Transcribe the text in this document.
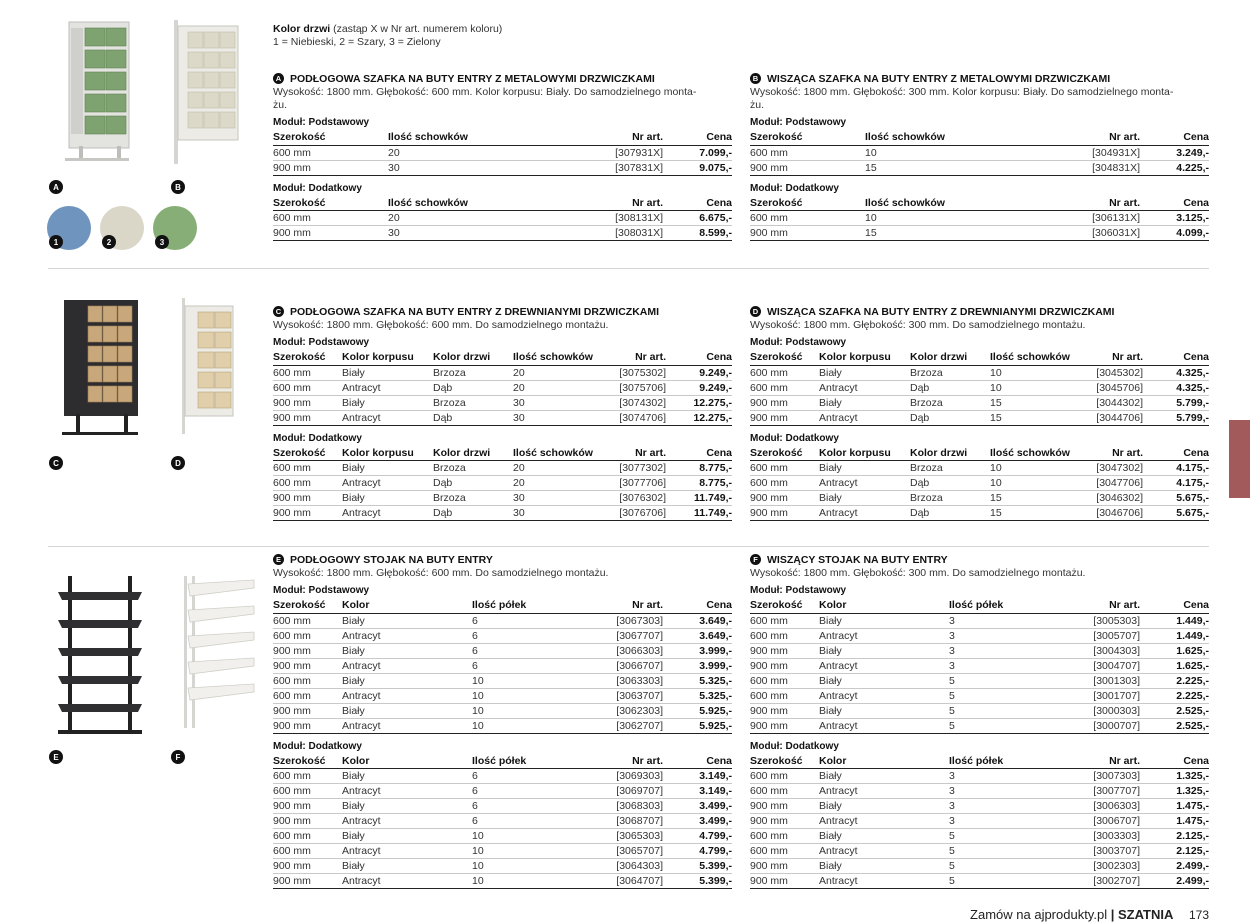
Kolor drzwi (zastąp X w Nr art. numerem koloru)
1 = Niebieski, 2 = Szary, 3 = Zielony
A	B
C	D
E	F
1	2	3
A PODŁOGOWA SZAFKA NA BUTY ENTRY Z METALOWYMI DRZWICZKAMI
Wysokość: 1800 mm. Głębokość: 600 mm. Kolor korpusu: Biały. Do samodzielnego monta-
żu.
Moduł: Podstawowy
Szerokość	Ilość schowków	Nr art.	Cena
600 mm	20	[307931X]	7.099,-
900 mm	30	[307831X]	9.075,-
Moduł: Dodatkowy
Szerokość	Ilość schowków	Nr art.	Cena
600 mm	20	[308131X]	6.675,-
900 mm	30	[308031X]	8.599,-
B WISZĄCA SZAFKA NA BUTY ENTRY Z METALOWYMI DRZWICZKAMI
Wysokość: 1800 mm. Głębokość: 300 mm. Kolor korpusu: Biały. Do samodzielnego monta-
żu.
Moduł: Podstawowy
Szerokość	Ilość schowków	Nr art.	Cena
600 mm	10	[304931X]	3.249,-
900 mm	15	[304831X]	4.225,-
Moduł: Dodatkowy
Szerokość	Ilość schowków	Nr art.	Cena
600 mm	10	[306131X]	3.125,-
900 mm	15	[306031X]	4.099,-
C PODŁOGOWA SZAFKA NA BUTY ENTRY Z DREWNIANYMI DRZWICZKAMI
Wysokość: 1800 mm. Głębokość: 600 mm. Do samodzielnego montażu.
Moduł: Podstawowy
Szerokość	Kolor korpusu	Kolor drzwi	Ilość schowków	Nr art.	Cena
600 mm	Biały	Brzoza	20	[3075302]	9.249,-
600 mm	Antracyt	Dąb	20	[3075706]	9.249,-
900 mm	Biały	Brzoza	30	[3074302]	12.275,-
900 mm	Antracyt	Dąb	30	[3074706]	12.275,-
Moduł: Dodatkowy
Szerokość	Kolor korpusu	Kolor drzwi	Ilość schowków	Nr art.	Cena
600 mm	Biały	Brzoza	20	[3077302]	8.775,-
600 mm	Antracyt	Dąb	20	[3077706]	8.775,-
900 mm	Biały	Brzoza	30	[3076302]	11.749,-
900 mm	Antracyt	Dąb	30	[3076706]	11.749,-
D WISZĄCA SZAFKA NA BUTY ENTRY Z DREWNIANYMI DRZWICZKAMI
Wysokość: 1800 mm. Głębokość: 300 mm. Do samodzielnego montażu.
Moduł: Podstawowy
Szerokość	Kolor korpusu	Kolor drzwi	Ilość schowków	Nr art.	Cena
600 mm	Biały	Brzoza	10	[3045302]	4.325,-
600 mm	Antracyt	Dąb	10	[3045706]	4.325,-
900 mm	Biały	Brzoza	15	[3044302]	5.799,-
900 mm	Antracyt	Dąb	15	[3044706]	5.799,-
Moduł: Dodatkowy
Szerokość	Kolor korpusu	Kolor drzwi	Ilość schowków	Nr art.	Cena
600 mm	Biały	Brzoza	10	[3047302]	4.175,-
600 mm	Antracyt	Dąb	10	[3047706]	4.175,-
900 mm	Biały	Brzoza	15	[3046302]	5.675,-
900 mm	Antracyt	Dąb	15	[3046706]	5.675,-
E PODŁOGOWY STOJAK NA BUTY ENTRY
Wysokość: 1800 mm. Głębokość: 600 mm. Do samodzielnego montażu.
Moduł: Podstawowy
Szerokość	Kolor	Ilość półek	Nr art.	Cena
600 mm	Biały	6	[3067303]	3.649,-
600 mm	Antracyt	6	[3067707]	3.649,-
900 mm	Biały	6	[3066303]	3.999,-
900 mm	Antracyt	6	[3066707]	3.999,-
600 mm	Biały	10	[3063303]	5.325,-
600 mm	Antracyt	10	[3063707]	5.325,-
900 mm	Biały	10	[3062303]	5.925,-
900 mm	Antracyt	10	[3062707]	5.925,-
Moduł: Dodatkowy
Szerokość	Kolor	Ilość półek	Nr art.	Cena
600 mm	Biały	6	[3069303]	3.149,-
600 mm	Antracyt	6	[3069707]	3.149,-
900 mm	Biały	6	[3068303]	3.499,-
900 mm	Antracyt	6	[3068707]	3.499,-
600 mm	Biały	10	[3065303]	4.799,-
600 mm	Antracyt	10	[3065707]	4.799,-
900 mm	Biały	10	[3064303]	5.399,-
900 mm	Antracyt	10	[3064707]	5.399,-
F WISZĄCY STOJAK NA BUTY ENTRY
Wysokość: 1800 mm. Głębokość: 300 mm. Do samodzielnego montażu.
Moduł: Podstawowy
Szerokość	Kolor	Ilość półek	Nr art.	Cena
600 mm	Biały	3	[3005303]	1.449,-
600 mm	Antracyt	3	[3005707]	1.449,-
900 mm	Biały	3	[3004303]	1.625,-
900 mm	Antracyt	3	[3004707]	1.625,-
600 mm	Biały	5	[3001303]	2.225,-
600 mm	Antracyt	5	[3001707]	2.225,-
900 mm	Biały	5	[3000303]	2.525,-
900 mm	Antracyt	5	[3000707]	2.525,-
Moduł: Dodatkowy
Szerokość	Kolor	Ilość półek	Nr art.	Cena
600 mm	Biały	3	[3007303]	1.325,-
600 mm	Antracyt	3	[3007707]	1.325,-
900 mm	Biały	3	[3006303]	1.475,-
900 mm	Antracyt	3	[3006707]	1.475,-
600 mm	Biały	5	[3003303]	2.125,-
600 mm	Antracyt	5	[3003707]	2.125,-
900 mm	Biały	5	[3002303]	2.499,-
900 mm	Antracyt	5	[3002707]	2.499,-
Zamów na ajprodukty.pl | SZATNIA 173
